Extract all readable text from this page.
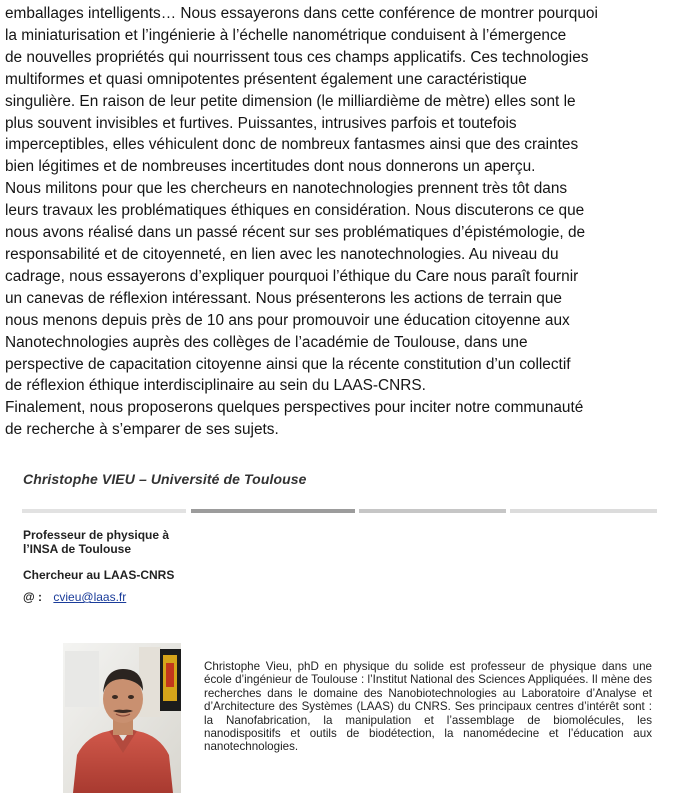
emballages intelligents… Nous essayerons dans cette conférence de montrer pourquoi

la miniaturisation et l’ingénierie à l’échelle nanométrique conduisent à l’émergence

de nouvelles propriétés qui nourrissent tous ces champs applicatifs. Ces technologies

multiformes et quasi omnipotentes présentent également une caractéristique

singulière. En raison de leur petite dimension (le milliardième de mètre) elles sont le

plus souvent invisibles et furtives. Puissantes, intrusives parfois et toutefois

imperceptibles, elles véhiculent donc de nombreux fantasmes ainsi que des craintes

bien légitimes et de nombreuses incertitudes dont nous donnerons un aperçu.

Nous militons pour que les chercheurs en nanotechnologies prennent très tôt dans

leurs travaux les problématiques éthiques en considération. Nous discuterons ce que

nous avons réalisé dans un passé récent sur ses problématiques d’épistémologie, de

responsabilité et de citoyenneté, en lien avec les nanotechnologies. Au niveau du

cadrage, nous essayerons d’expliquer pourquoi l’éthique du Care nous paraît fournir

un canevas de réflexion intéressant. Nous présenterons les actions de terrain que

nous menons depuis près de 10 ans pour promouvoir une éducation citoyenne aux

Nanotechnologies auprès des collèges de l’académie de Toulouse, dans une

perspective de capacitation citoyenne ainsi que la récente constitution d’un collectif

de réflexion éthique interdisciplinaire au sein du LAAS-CNRS.

Finalement, nous proposerons quelques perspectives pour inciter notre communauté

de recherche à s’emparer de ses sujets.

Christophe VIEU – Université de Toulouse
Professeur de physique à l’INSA de Toulouse
Chercheur au LAAS-CNRS
@ : cvieu@laas.fr
Christophe Vieu, phD en physique du solide est professeur de physique dans une école d’ingénieur de Toulouse : l’Institut National des Sciences Appliquées. Il mène des recherches dans le domaine des Nanobiotechnologies au Laboratoire d’Analyse et d’Architecture des Systèmes (LAAS) du CNRS. Ses principaux centres d’intérêt sont : la Nanofabrication, la manipulation et l’assemblage de biomolécules, les nanodispositifs et outils de biodétection, la nanomédecine et l’éducation aux nanotechnologies.
